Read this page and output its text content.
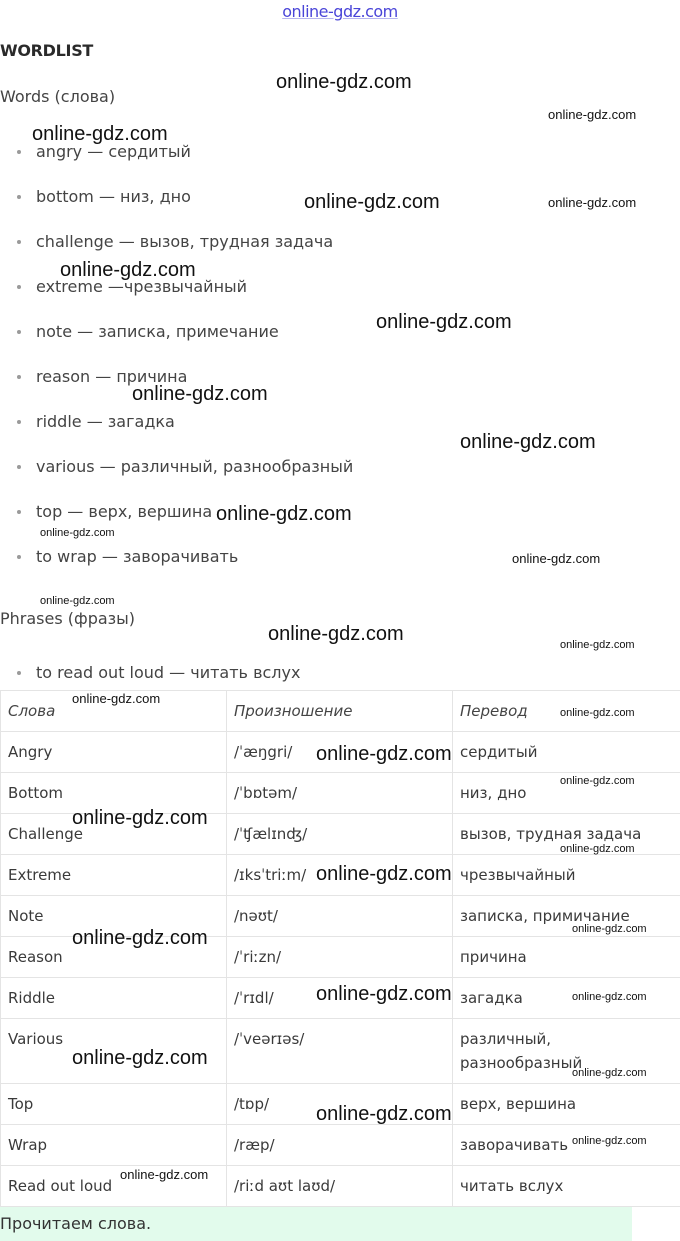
online-gdz.com
WORDLIST
Words (слова)
angry — сердитый
bottom — низ, дно
challenge — вызов, трудная задача
extreme —чрезвычайный
note — записка, примечание
reason — причина
riddle — загадка
various — различный, разнообразный
top — верх, вершина
to wrap — заворачивать
Phrases (фразы)
to read out loud — читать вслух
Слова	Произношение	Перевод
Angry	/ˈæŋgri/	сердитый
Bottom	/ˈbɒtəm/	низ, дно
Challenge	/ˈʧælɪnʤ/	вызов, трудная задача
Extreme	/ɪksˈtriːm/	чрезвычайный
Note	/nəʊt/	записка, примичание
Reason	/ˈriːzn/	причина
Riddle	/ˈrɪdl/	загадка
Various	/ˈveərɪəs/	различный, разнообразный
Top	/tɒp/	верх, вершина
Wrap	/ræp/	заворачивать
Read out loud	/riːd aʊt laʊd/	читать вслух
Прочитаем слова.
online-gdz.com
online-gdz.com
online-gdz.com
online-gdz.com	online-gdz.com
online-gdz.com
online-gdz.com
online-gdz.com
online-gdz.com
online-gdz.com
online-gdz.com
online-gdz.com
online-gdz.com
online-gdz.com	online-gdz.com
online-gdz.com
online-gdz.com
online-gdz.com
online-gdz.com
online-gdz.com
online-gdz.com
online-gdz.com
online-gdz.com
online-gdz.com
online-gdz.com	online-gdz.com
online-gdz.com
online-gdz.com
online-gdz.com
online-gdz.com
online-gdz.com
